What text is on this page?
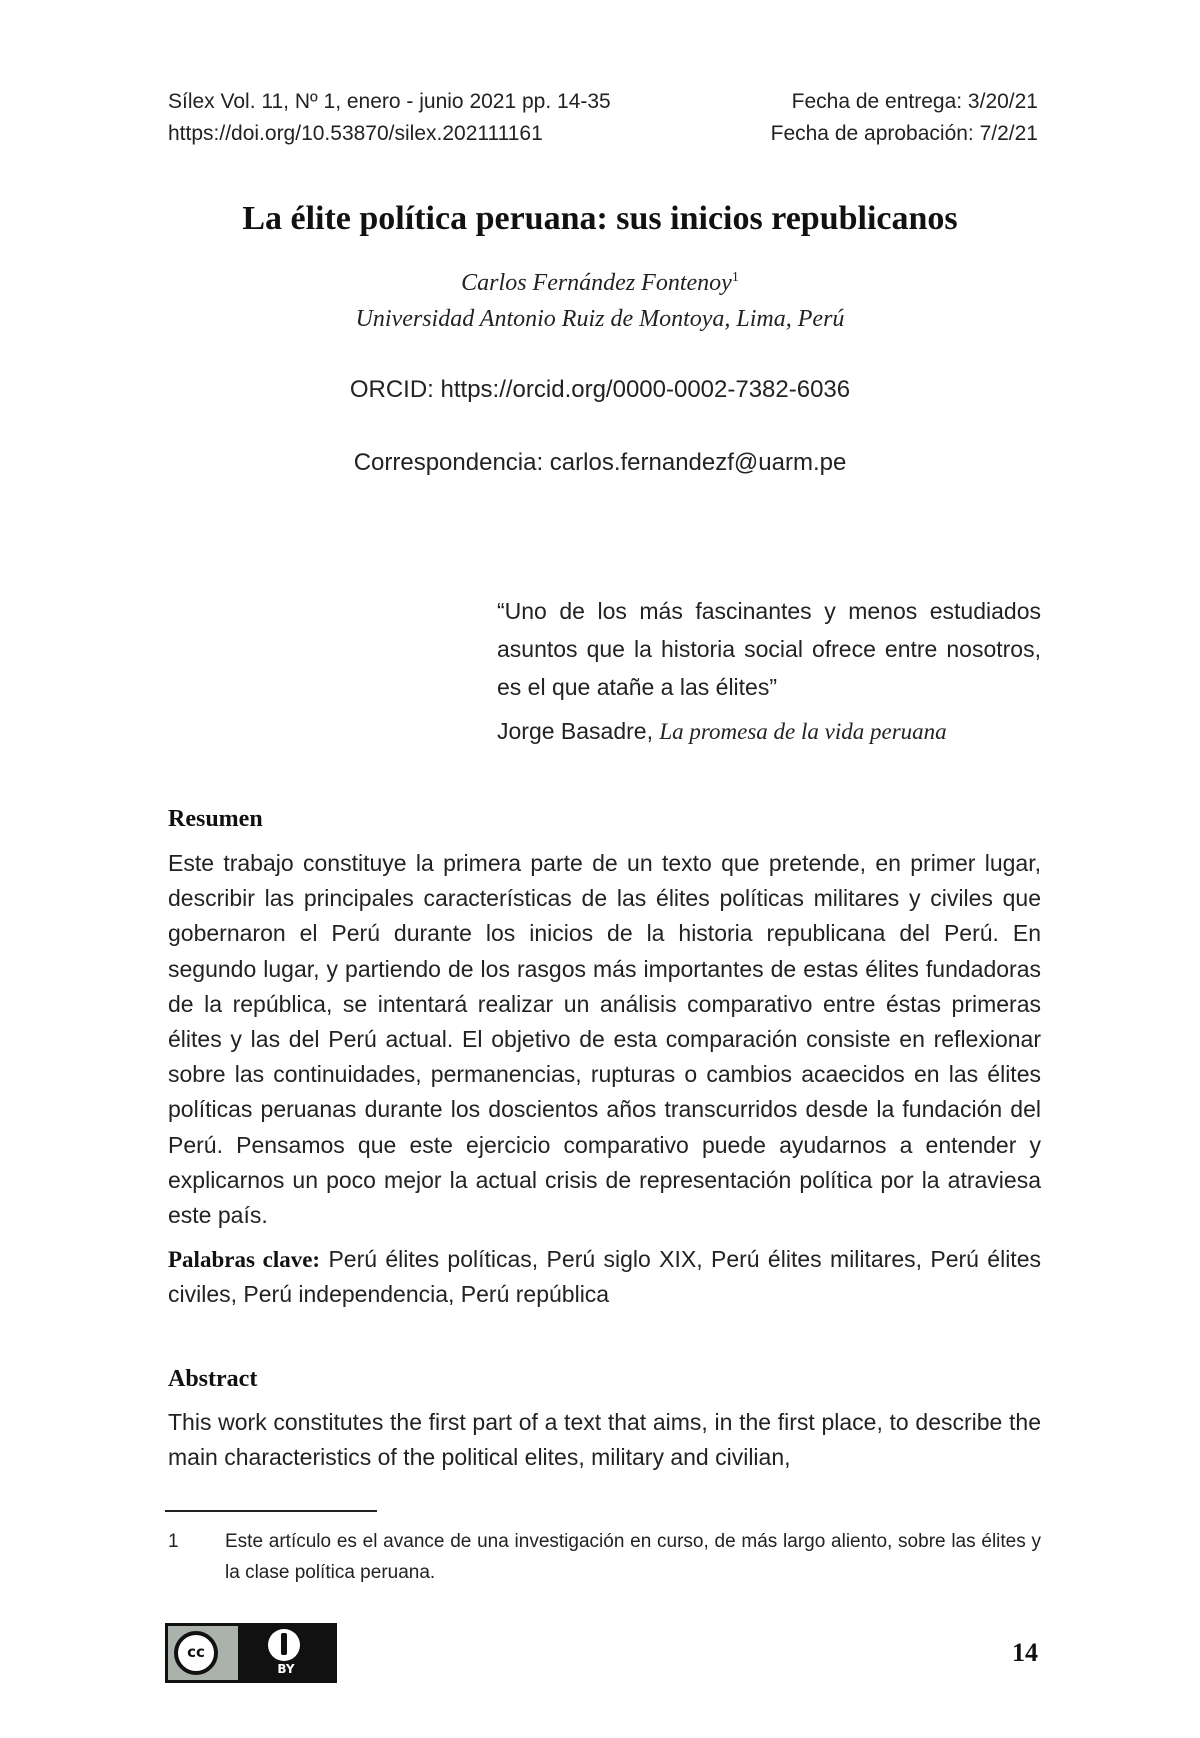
Sílex Vol. 11, Nº 1, enero - junio 2021 pp. 14-35
https://doi.org/10.53870/silex.202111161
Fecha de entrega: 3/20/21
Fecha de aprobación: 7/2/21
La élite política peruana: sus inicios republicanos
Carlos Fernández Fontenoy$^1$
Universidad Antonio Ruiz de Montoya, Lima, Perú
ORCID: https://orcid.org/0000-0002-7382-6036
Correspondencia: carlos.fernandezf@uarm.pe
“Uno de los más fascinantes y menos estudiados asuntos que la historia social ofrece entre nosotros, es el que atañe a las élites”
Jorge Basadre, La promesa de la vida peruana
Resumen
Este trabajo constituye la primera parte de un texto que pretende, en primer lugar, describir las principales características de las élites políticas militares y civiles que gobernaron el Perú durante los inicios de la historia republicana del Perú. En segundo lugar, y partiendo de los rasgos más importantes de estas élites fundadoras de la república, se intentará realizar un análisis comparativo entre éstas primeras élites y las del Perú actual. El objetivo de esta comparación consiste en reflexionar sobre las continuidades, permanencias, rupturas o cambios acaecidos en las élites políticas peruanas durante los doscientos años transcurridos desde la fundación del Perú. Pensamos que este ejercicio comparativo puede ayudarnos a entender y explicarnos un poco mejor la actual crisis de representación política por la atraviesa este país.
Palabras clave: Perú élites políticas, Perú siglo XIX, Perú élites militares, Perú élites civiles, Perú independencia, Perú república
Abstract
This work constitutes the first part of a text that aims, in the first place, to describe the main characteristics of the political elites, military and civilian,
1 Este artículo es el avance de una investigación en curso, de más largo aliento, sobre las élites y la clase política peruana.
cc
BY
14
